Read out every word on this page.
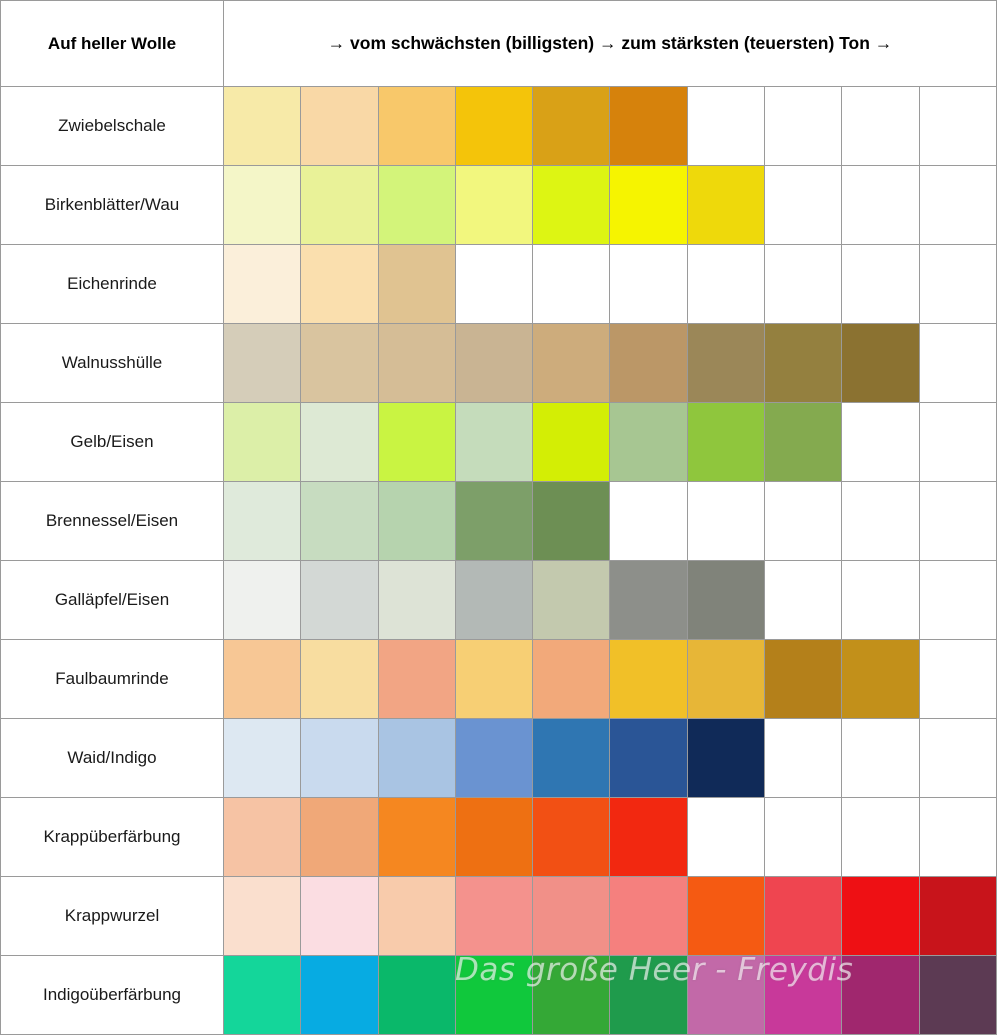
Auf heller Wolle	→ vom schwächsten (billigsten) → zum stärksten (teuersten) Ton →									
Zwiebelschale										
Birkenblätter/Wau										
Eichenrinde										
Walnusshülle										
Gelb/Eisen										
Brennessel/Eisen										
Galläpfel/Eisen										
Faulbaumrinde										
Waid/Indigo										
Krappüberfärbung										
Krappwurzel										
Indigoüberfärbung										
Das große Heer - Freydis
